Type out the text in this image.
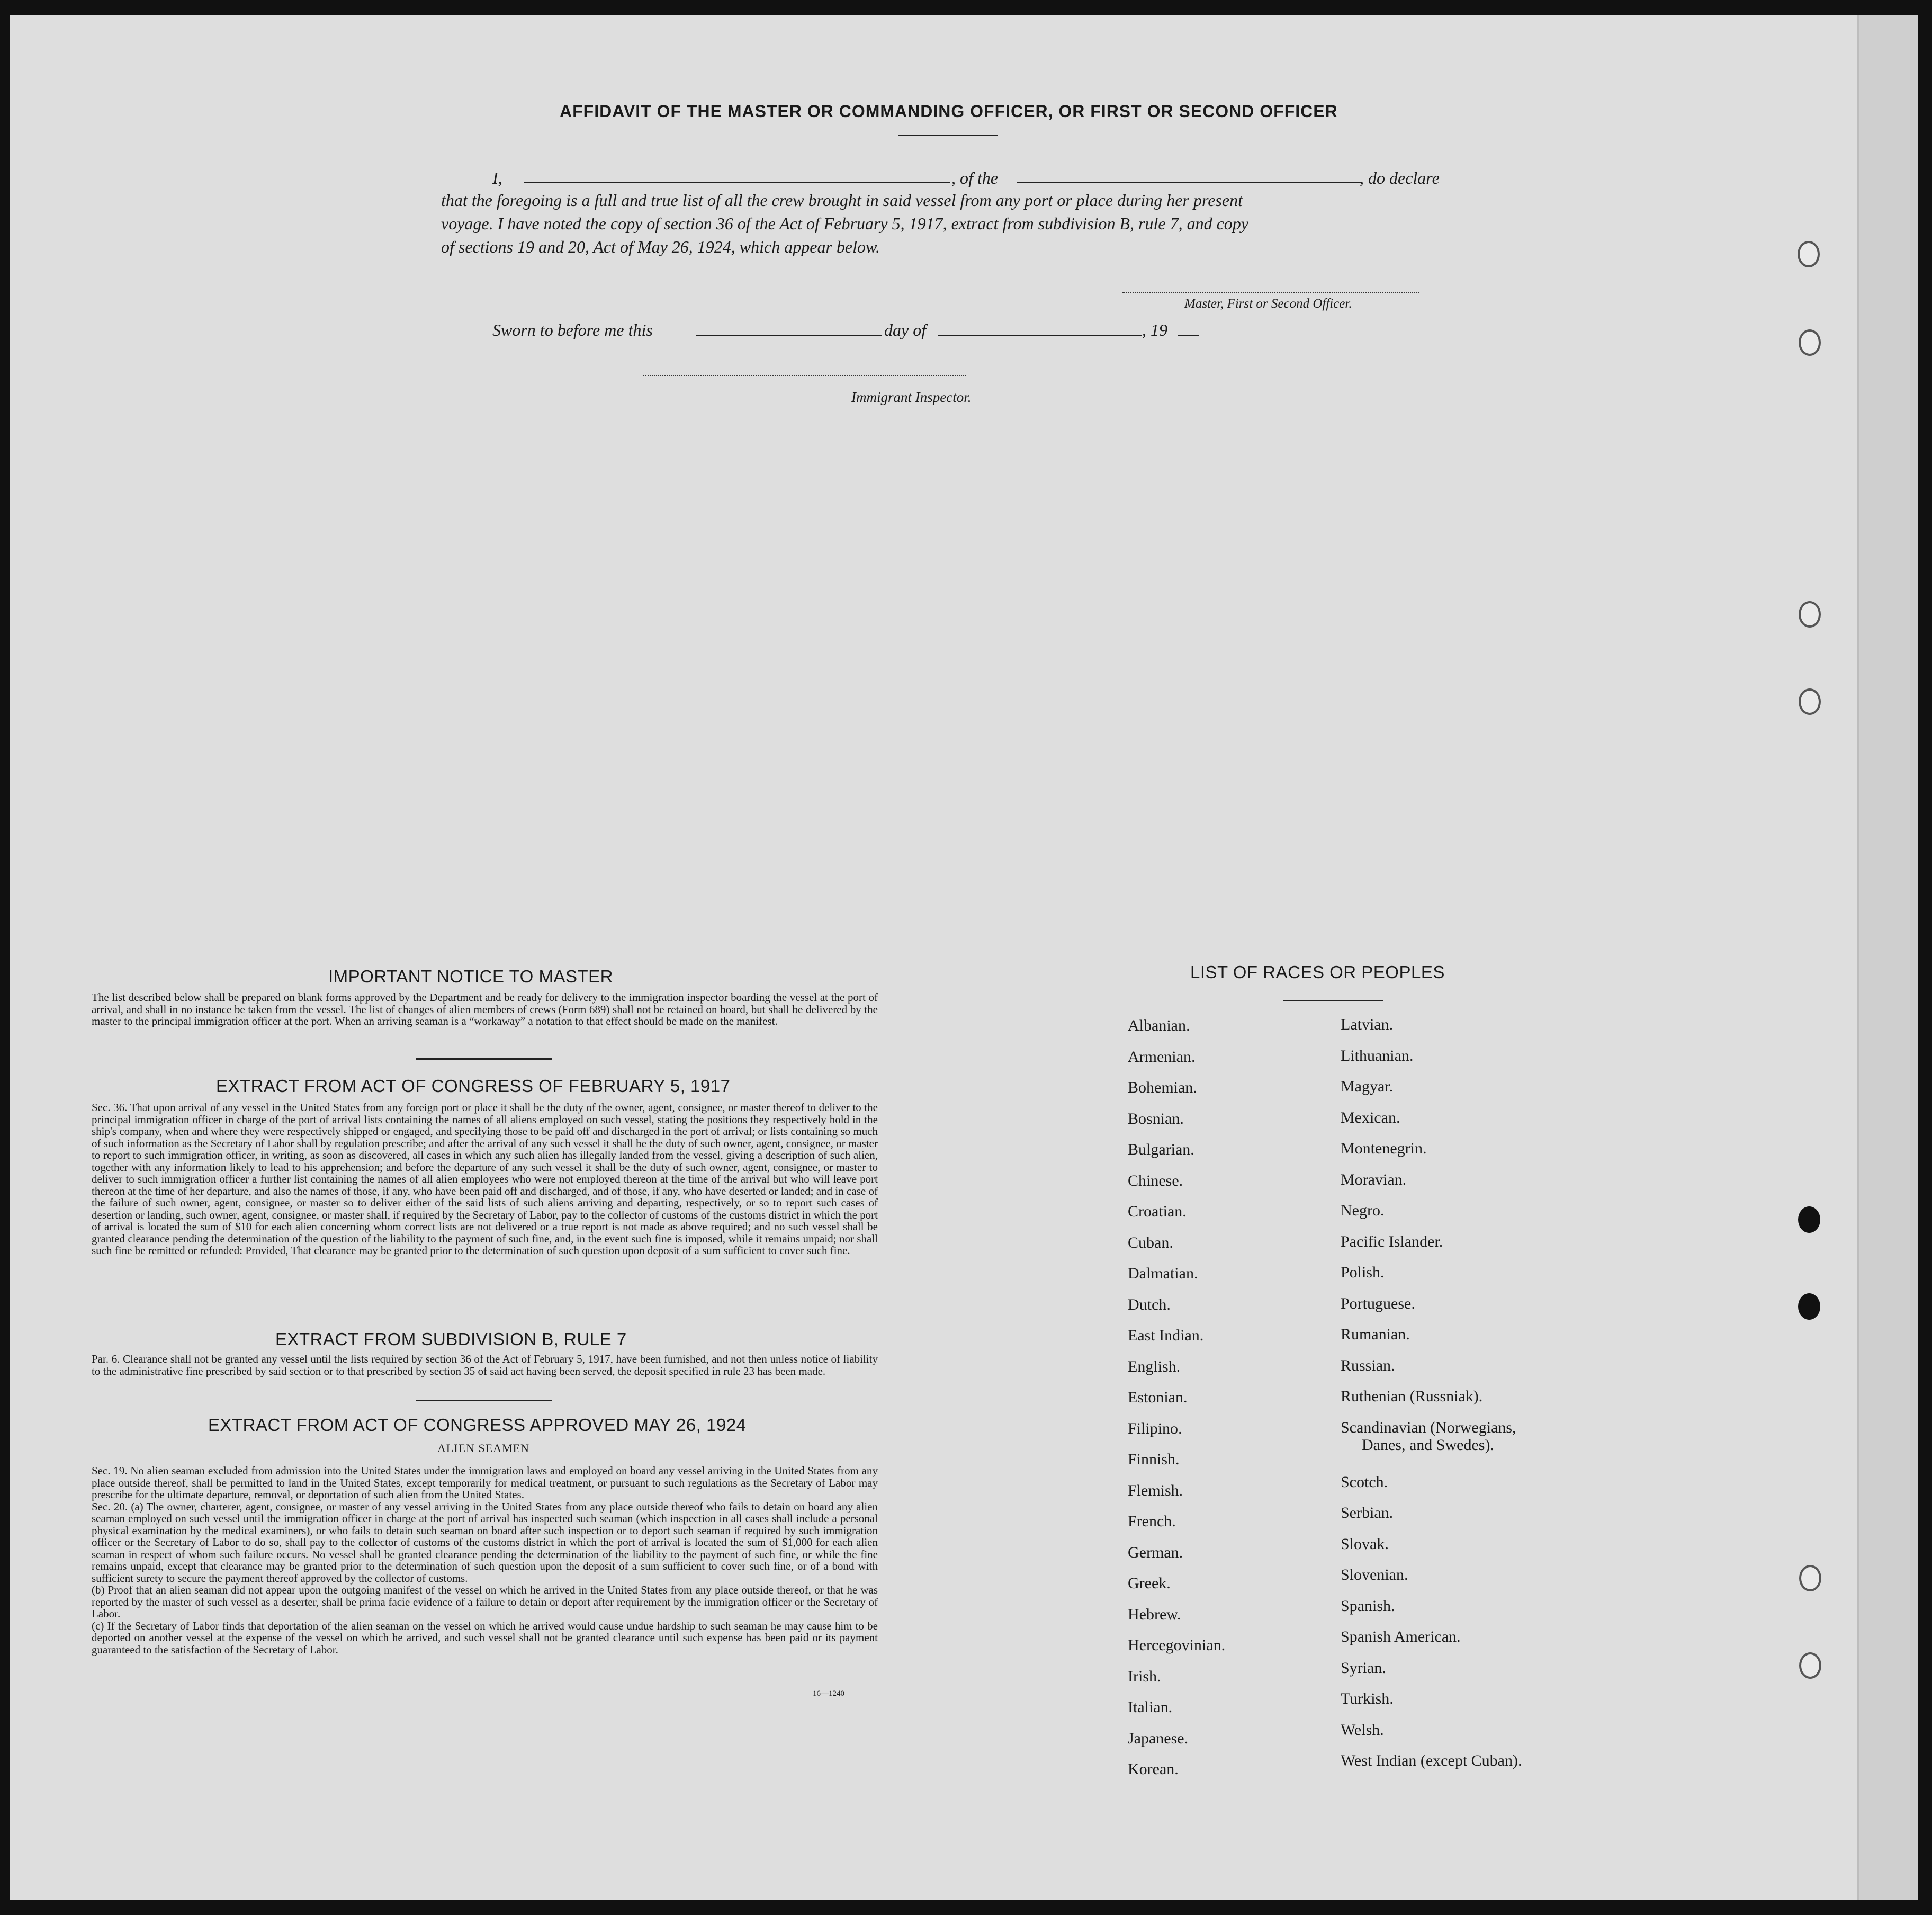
AFFIDAVIT OF THE MASTER OR COMMANDING OFFICER, OR FIRST OR SECOND OFFICER
I,	, of the	, do declare
that the foregoing is a full and true list of all the crew brought in said vessel from any port or place during her present
voyage. I have noted the copy of section 36 of the Act of February 5, 1917, extract from subdivision B, rule 7, and copy
of sections 19 and 20, Act of May 26, 1924, which appear below.
Master, First or Second Officer.
Sworn to before me this	day of	, 19
Immigrant Inspector.
IMPORTANT NOTICE TO MASTER
The list described below shall be prepared on blank forms approved by the Department and be ready for delivery to the immigration inspector boarding the vessel at the port of arrival, and shall in no instance be taken from the vessel. The list of changes of alien members of crews (Form 689) shall not be retained on board, but shall be delivered by the master to the principal immigration officer at the port. When an arriving seaman is a “workaway” a notation to that effect should be made on the manifest.
EXTRACT FROM ACT OF CONGRESS OF FEBRUARY 5, 1917
Sec. 36. That upon arrival of any vessel in the United States from any foreign port or place it shall be the duty of the owner, agent, consignee, or master thereof to deliver to the principal immigration officer in charge of the port of arrival lists containing the names of all aliens employed on such vessel, stating the positions they respectively hold in the ship's company, when and where they were respectively shipped or engaged, and specifying those to be paid off and discharged in the port of arrival; or lists containing so much of such information as the Secretary of Labor shall by regulation prescribe; and after the arrival of any such vessel it shall be the duty of such owner, agent, consignee, or master to report to such immigration officer, in writing, as soon as discovered, all cases in which any such alien has illegally landed from the vessel, giving a description of such alien, together with any information likely to lead to his apprehension; and before the departure of any such vessel it shall be the duty of such owner, agent, consignee, or master to deliver to such immigration officer a further list containing the names of all alien employees who were not employed thereon at the time of the arrival but who will leave port thereon at the time of her departure, and also the names of those, if any, who have been paid off and discharged, and of those, if any, who have deserted or landed; and in case of the failure of such owner, agent, consignee, or master so to deliver either of the said lists of such aliens arriving and departing, respectively, or so to report such cases of desertion or landing, such owner, agent, consignee, or master shall, if required by the Secretary of Labor, pay to the collector of customs of the customs district in which the port of arrival is located the sum of $10 for each alien concerning whom correct lists are not delivered or a true report is not made as above required; and no such vessel shall be granted clearance pending the determination of the question of the liability to the payment of such fine, and, in the event such fine is imposed, while it remains unpaid; nor shall such fine be remitted or refunded: Provided, That clearance may be granted prior to the determination of such question upon deposit of a sum sufficient to cover such fine.
EXTRACT FROM SUBDIVISION B, RULE 7
Par. 6. Clearance shall not be granted any vessel until the lists required by section 36 of the Act of February 5, 1917, have been furnished, and not then unless notice of liability to the administrative fine prescribed by said section or to that prescribed by section 35 of said act having been served, the deposit specified in rule 23 has been made.
EXTRACT FROM ACT OF CONGRESS APPROVED MAY 26, 1924
ALIEN SEAMEN
Sec. 19. No alien seaman excluded from admission into the United States under the immigration laws and employed on board any vessel arriving in the United States from any place outside thereof, shall be permitted to land in the United States, except temporarily for medical treatment, or pursuant to such regulations as the Secretary of Labor may prescribe for the ultimate departure, removal, or deportation of such alien from the United States.
Sec. 20. (a) The owner, charterer, agent, consignee, or master of any vessel arriving in the United States from any place outside thereof who fails to detain on board any alien seaman employed on such vessel until the immigration officer in charge at the port of arrival has inspected such seaman (which inspection in all cases shall include a personal physical examination by the medical examiners), or who fails to detain such seaman on board after such inspection or to deport such seaman if required by such immigration officer or the Secretary of Labor to do so, shall pay to the collector of customs of the customs district in which the port of arrival is located the sum of $1,000 for each alien seaman in respect of whom such failure occurs. No vessel shall be granted clearance pending the determination of the liability to the payment of such fine, or while the fine remains unpaid, except that clearance may be granted prior to the determination of such question upon the deposit of a sum sufficient to cover such fine, or of a bond with sufficient surety to secure the payment thereof approved by the collector of customs.
(b) Proof that an alien seaman did not appear upon the outgoing manifest of the vessel on which he arrived in the United States from any place outside thereof, or that he was reported by the master of such vessel as a deserter, shall be prima facie evidence of a failure to detain or deport after requirement by the immigration officer or the Secretary of Labor.
(c) If the Secretary of Labor finds that deportation of the alien seaman on the vessel on which he arrived would cause undue hardship to such seaman he may cause him to be deported on another vessel at the expense of the vessel on which he arrived, and such vessel shall not be granted clearance until such expense has been paid or its payment guaranteed to the satisfaction of the Secretary of Labor.
16—1240
LIST OF RACES OR PEOPLES
Albanian.
Armenian.
Bohemian.
Bosnian.
Bulgarian.
Chinese.
Croatian.
Cuban.
Dalmatian.
Dutch.
East Indian.
English.
Estonian.
Filipino.
Finnish.
Flemish.
French.
German.
Greek.
Hebrew.
Hercegovinian.
Irish.
Italian.
Japanese.
Korean.
Latvian.
Lithuanian.
Magyar.
Mexican.
Montenegrin.
Moravian.
Negro.
Pacific Islander.
Polish.
Portuguese.
Rumanian.
Russian.
Ruthenian (Russniak).
Scandinavian (Norwegians,
Danes, and Swedes).
Scotch.
Serbian.
Slovak.
Slovenian.
Spanish.
Spanish American.
Syrian.
Turkish.
Welsh.
West Indian (except Cuban).
